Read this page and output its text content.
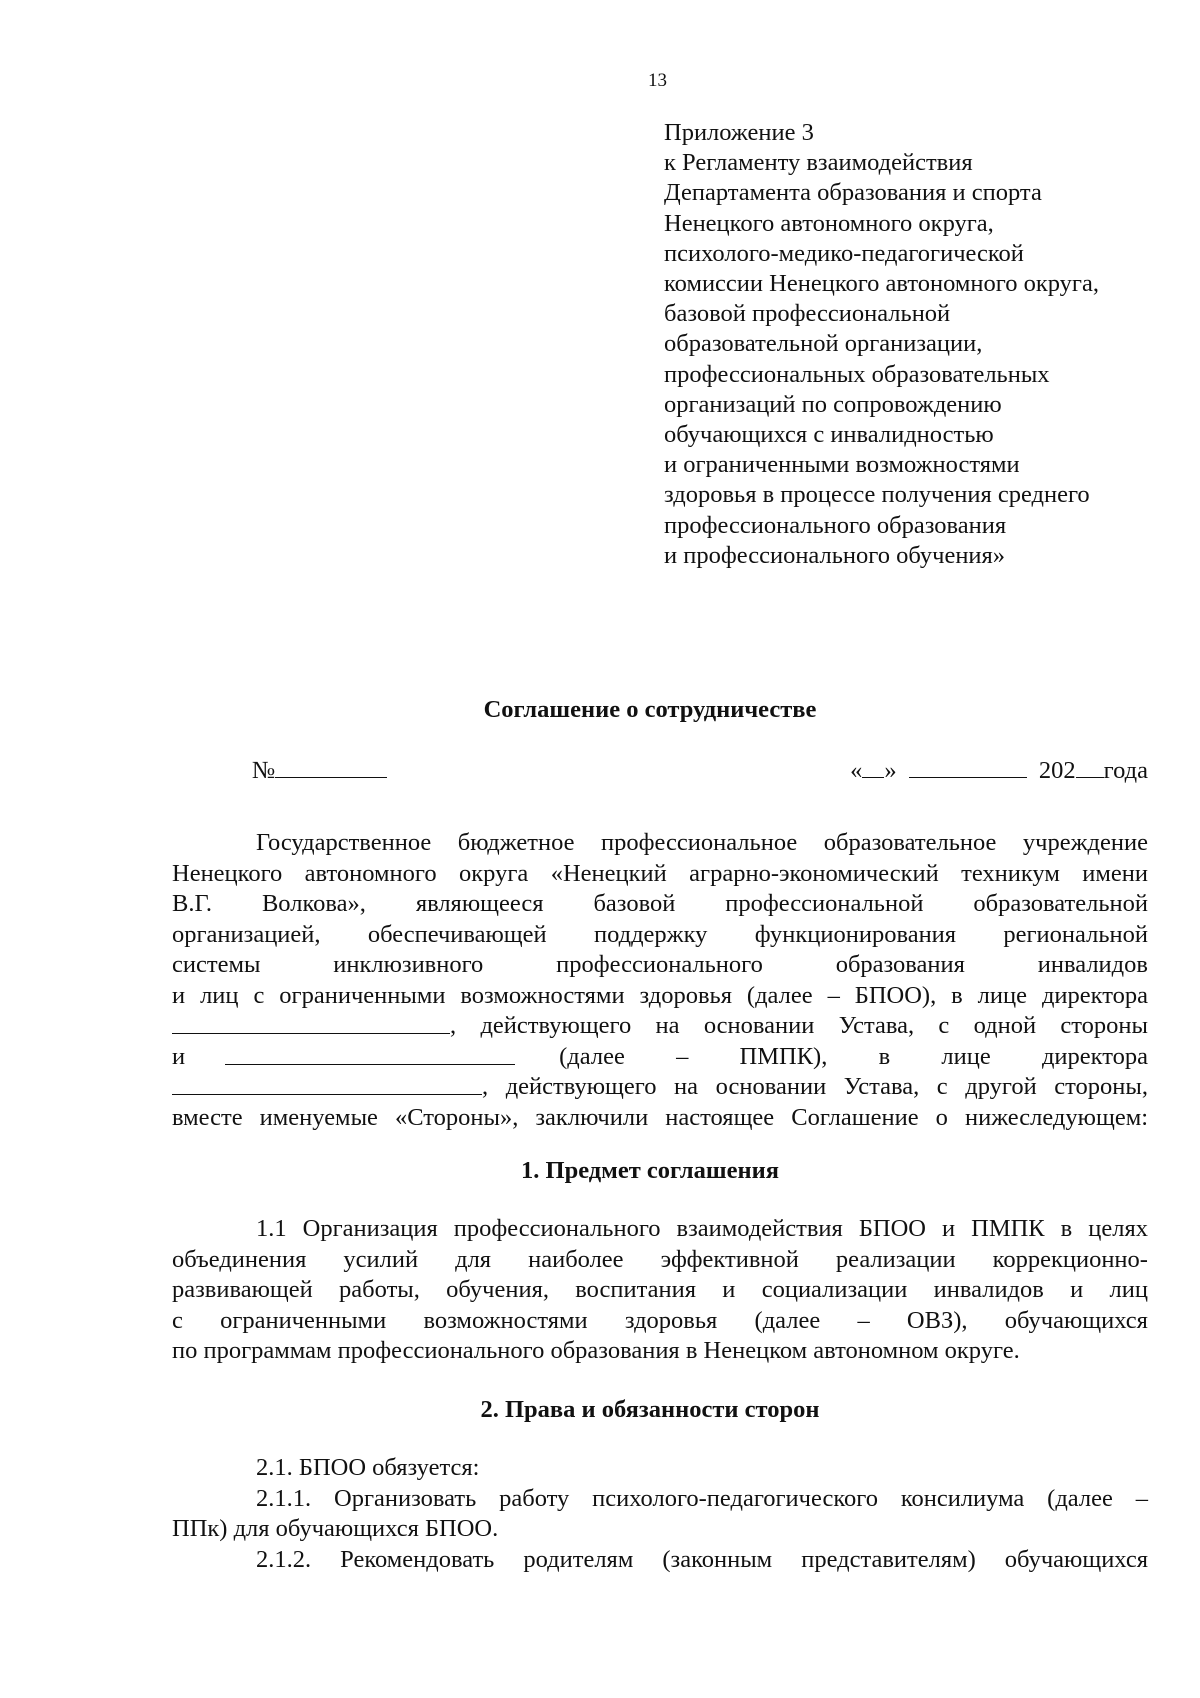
13
Приложение 3
к Регламенту взаимодействия
Департамента образования и спорта
Ненецкого автономного округа,
психолого-медико-педагогической
комиссии Ненецкого автономного округа,
базовой профессиональной
образовательной организации,
профессиональных образовательных
организаций по сопровождению
обучающихся с инвалидностью
и ограниченными возможностями
здоровья в процессе получения среднего
профессионального образования
и профессионального обучения»
Соглашение о сотрудничестве
№	« »	202 года
Государственное бюджетное профессиональное образовательное учреждение
Ненецкого автономного округа «Ненецкий аграрно-экономический техникум имени
В.Г. Волкова», являющееся базовой профессиональной образовательной
организацией, обеспечивающей поддержку функционирования региональной
системы	инклюзивного	профессионального	образования	инвалидов
и лиц с ограниченными возможностями здоровья (далее – БПОО), в лице директора
, действующего на основании Устава, с одной стороны
и	(далее – ПМПК), в лице директора
, действующего на основании Устава, с другой стороны,
вместе именуемые «Стороны», заключили настоящее Соглашение о нижеследующем:
1. Предмет соглашения
1.1 Организация профессионального взаимодействия БПОО и ПМПК в целях
объединения усилий для наиболее эффективной реализации коррекционно-
развивающей работы, обучения, воспитания и социализации инвалидов и лиц
с ограниченными возможностями здоровья (далее – ОВЗ), обучающихся
по программам профессионального образования в Ненецком автономном округе.
2. Права и обязанности сторон
2.1. БПОО обязуется:
2.1.1. Организовать работу психолого-педагогического консилиума (далее –
ППк) для обучающихся БПОО.
2.1.2. Рекомендовать родителям (законным представителям) обучающихся
